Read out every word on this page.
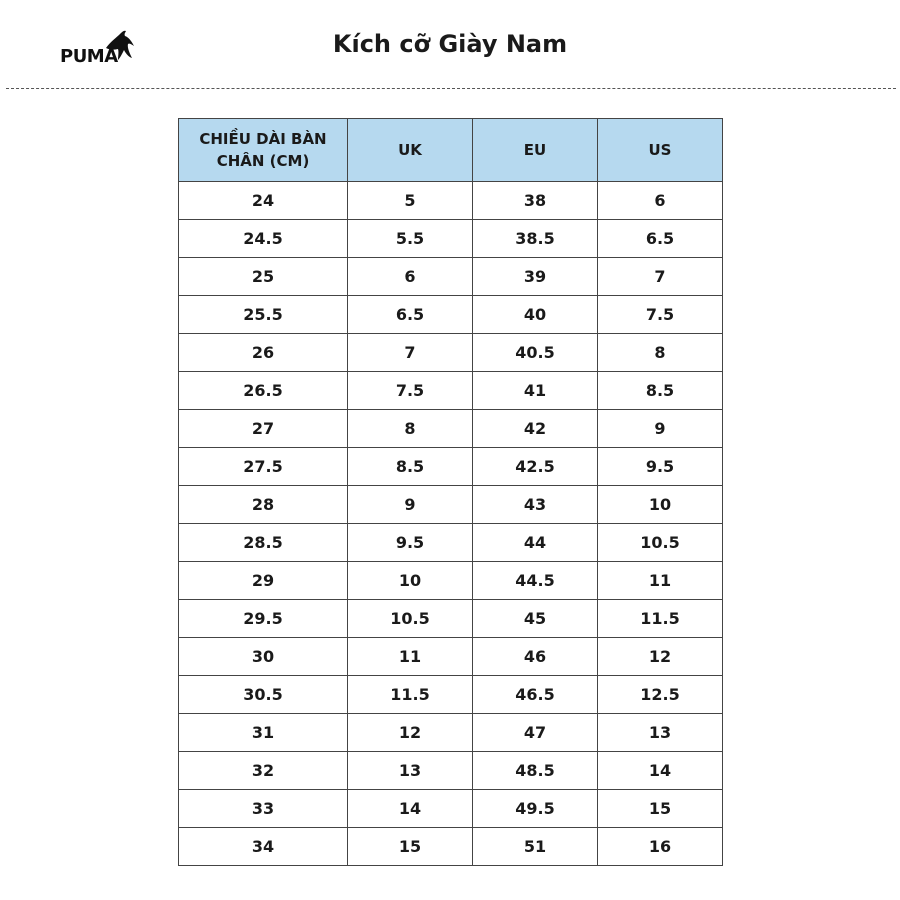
PUMA	Kích cỡ Giày Nam
CHIỀU DÀI BÀN CHÂN (CM)	UK	EU	US
24	5	38	6
24.5	5.5	38.5	6.5
25	6	39	7
25.5	6.5	40	7.5
26	7	40.5	8
26.5	7.5	41	8.5
27	8	42	9
27.5	8.5	42.5	9.5
28	9	43	10
28.5	9.5	44	10.5
29	10	44.5	11
29.5	10.5	45	11.5
30	11	46	12
30.5	11.5	46.5	12.5
31	12	47	13
32	13	48.5	14
33	14	49.5	15
34	15	51	16
